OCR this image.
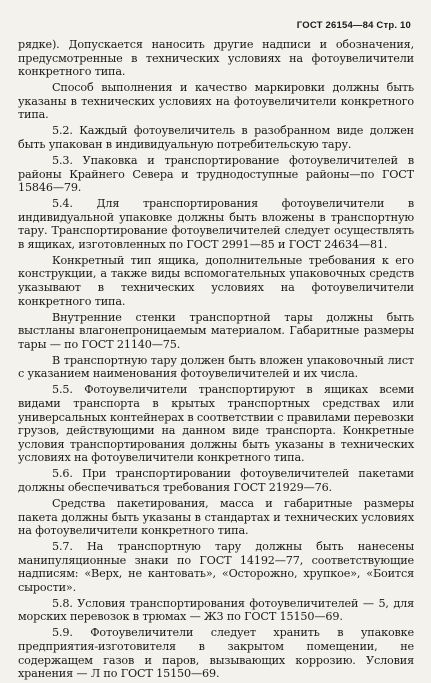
ГОСТ 26154—84 Стр. 10

рядке). Допускается наносить другие надписи и обозначения, предусмотренные в технических условиях на фотоувеличители конкретного типа.

Способ выполнения и качество маркировки должны быть указаны в технических условиях на фотоувеличители конкретного типа.

5.2. Каждый фотоувеличитель в разобранном виде должен быть упакован в индивидуальную потребительскую тару.

5.3. Упаковка и транспортирование фотоувеличителей в районы Крайнего Севера и труднодоступные районы—по ГОСТ 15846—79.

5.4. Для транспортирования фотоувеличители в индивидуальной упаковке должны быть вложены в транспортную тару. Транспортирование фотоувеличителей следует осуществлять в ящиках, изготовленных по ГОСТ 2991—85 и ГОСТ 24634—81.

Конкретный тип ящика, дополнительные требования к его конструкции, а также виды вспомогательных упаковочных средств указывают в технических условиях на фотоувеличители конкретного типа.

Внутренние стенки транспортной тары должны быть выстланы влагонепроницаемым материалом. Габаритные размеры тары — по ГОСТ 21140—75.

В транспортную тару должен быть вложен упаковочный лист с указанием наименования фотоувеличителей и их числа.

5.5. Фотоувеличители транспортируют в ящиках всеми видами транспорта в крытых транспортных средствах или универсальных контейнерах в соответствии с правилами перевозки грузов, действующими на данном виде транспорта. Конкретные условия транспортирования должны быть указаны в технических условиях на фотоувеличители конкретного типа.

5.6. При транспортировании фотоувеличителей пакетами должны обеспечиваться требования ГОСТ 21929—76.

Средства пакетирования, масса и габаритные размеры пакета должны быть указаны в стандартах и технических условиях на фотоувеличители конкретного типа.

5.7. На транспортную тару должны быть нанесены манипуляционные знаки по ГОСТ 14192—77, соответствующие надписям: «Верх, не кантовать», «Осторожно, хрупкое», «Боится сырости».

5.8. Условия транспортирования фотоувеличителей — 5, для морских перевозок в трюмах — Ж3 по ГОСТ 15150—69.

5.9. Фотоувеличители следует хранить в упаковке предприятия-изготовителя в закрытом помещении, не содержащем газов и паров, вызывающих коррозию. Условия хранения — Л по ГОСТ 15150—69.
